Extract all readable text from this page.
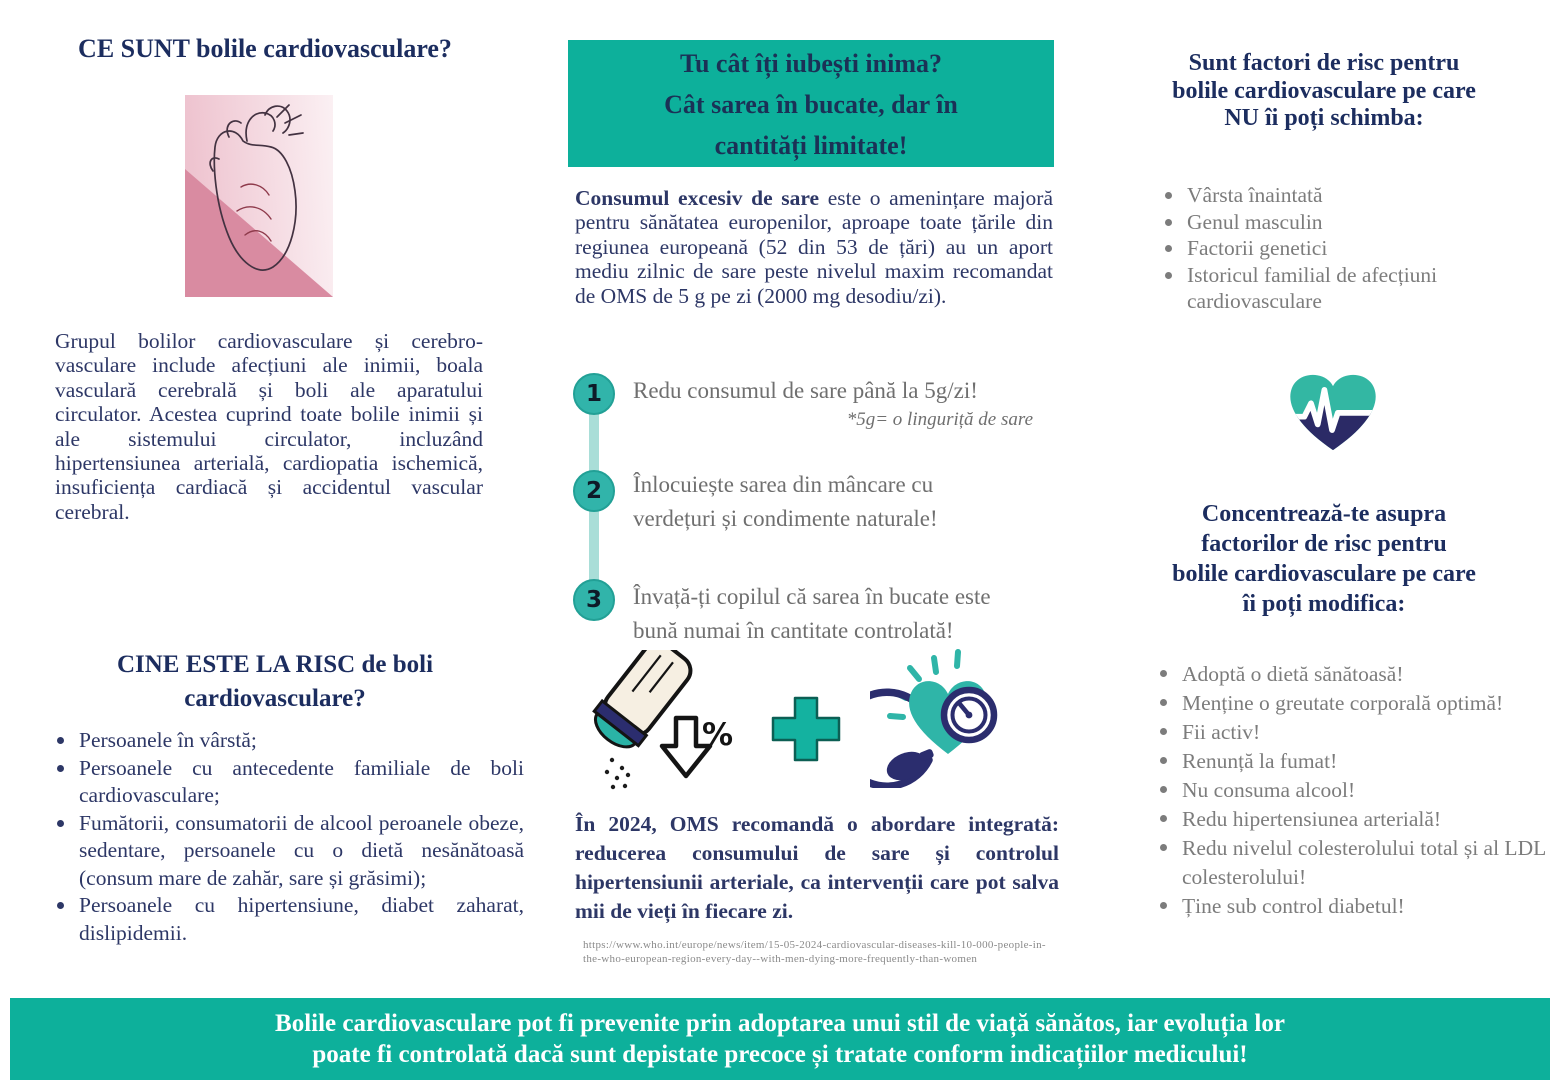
CE SUNT bolile cardiovasculare?
Grupul bolilor cardiovasculare și cerebro- vasculare include afecțiuni ale inimii, boala vasculară cerebrală și boli ale aparatului circulator. Acestea cuprind toate bolile inimii și ale sistemului circulator, incluzând hipertensiunea arterială, cardiopatia ischemică, insuficiența cardiacă și accidentul vascular cerebral.
CINE ESTE LA RISC de boli
cardiovasculare?
Persoanele în vârstă;
Persoanele cu antecedente familiale de boli cardiovasculare;
Fumătorii, consumatorii de alcool peroanele obeze, sedentare, persoanele cu o dietă nesănătoasă (consum mare de zahăr, sare și grăsimi);
Persoanele cu hipertensiune, diabet zaharat, dislipidemii.
Tu cât îți iubești inima?
Cât sarea în bucate, dar în
cantități limitate!
Consumul excesiv de sare este o amenințare majoră pentru sănătatea europenilor, aproape toate țările din regiunea europeană (52 din 53 de țări) au un aport mediu zilnic de sare peste nivelul maxim recomandat de OMS de 5 g pe zi (2000 mg desodiu/zi).
1	Redu consumul de sare până la 5g/zi!
*5g= o linguriță de sare
2	Înlocuiește sarea din mâncare cu
verdețuri și condimente naturale!
3	Învață-ți copilul că sarea în bucate este
bună numai în cantitate controlată!
%
În 2024, OMS recomandă o abordare integrată: reducerea consumului de sare și controlul hipertensiunii arteriale, ca intervenții care pot salva mii de vieți în fiecare zi.
https://www.who.int/europe/news/item/15-05-2024-cardiovascular-diseases-kill-10-000-people-in-the-who-european-region-every-day--with-men-dying-more-frequently-than-women
Sunt factori de risc pentru
bolile cardiovasculare pe care
NU îi poți schimba:
Vârsta înaintată
Genul masculin
Factorii genetici
Istoricul familial de afecțiuni cardiovasculare
Concentrează-te asupra
factorilor de risc pentru
bolile cardiovasculare pe care
îi poți modifica:
Adoptă o dietă sănătoasă!
Menține o greutate corporală optimă!
Fii activ!
Renunță la fumat!
Nu consuma alcool!
Redu hipertensiunea arterială!
Redu nivelul colesterolului total și al LDL colesterolului!
Ține sub control diabetul!
Bolile cardiovasculare pot fi prevenite prin adoptarea unui stil de viață sănătos, iar evoluția lor
poate fi controlată dacă sunt depistate precoce și tratate conform indicațiilor medicului!
